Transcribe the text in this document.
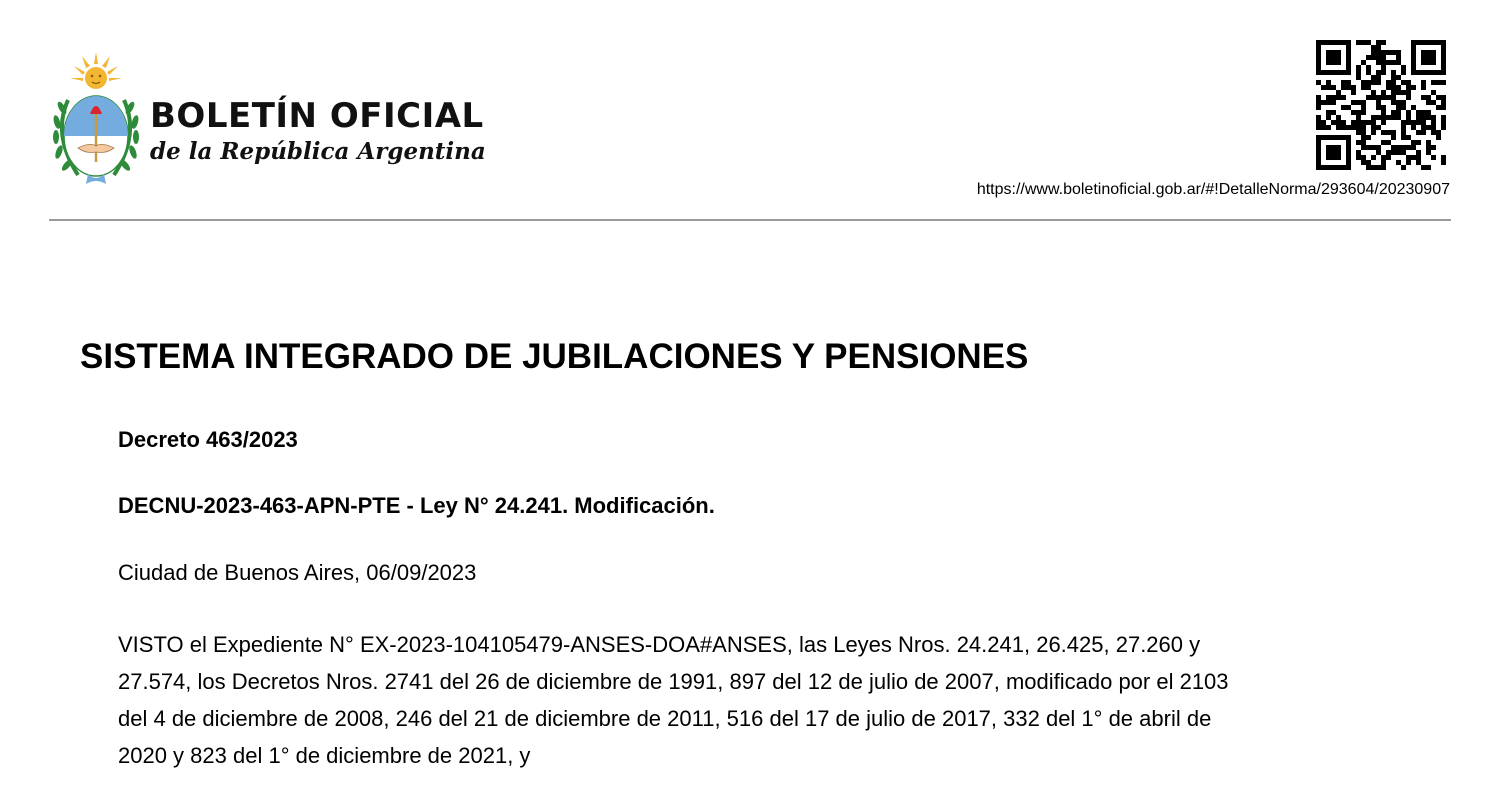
BOLETÍN OFICIAL
de la República Argentina
https://www.boletinoficial.gob.ar/#!DetalleNorma/293604/20230907
SISTEMA INTEGRADO DE JUBILACIONES Y PENSIONES
Decreto 463/2023
DECNU-2023-463-APN-PTE - Ley N° 24.241. Modificación.
Ciudad de Buenos Aires, 06/09/2023
VISTO el Expediente N° EX-2023-104105479-ANSES-DOA#ANSES, las Leyes Nros. 24.241, 26.425, 27.260 y
27.574, los Decretos Nros. 2741 del 26 de diciembre de 1991, 897 del 12 de julio de 2007, modificado por el 2103
del 4 de diciembre de 2008, 246 del 21 de diciembre de 2011, 516 del 17 de julio de 2017, 332 del 1° de abril de
2020 y 823 del 1° de diciembre de 2021, y
